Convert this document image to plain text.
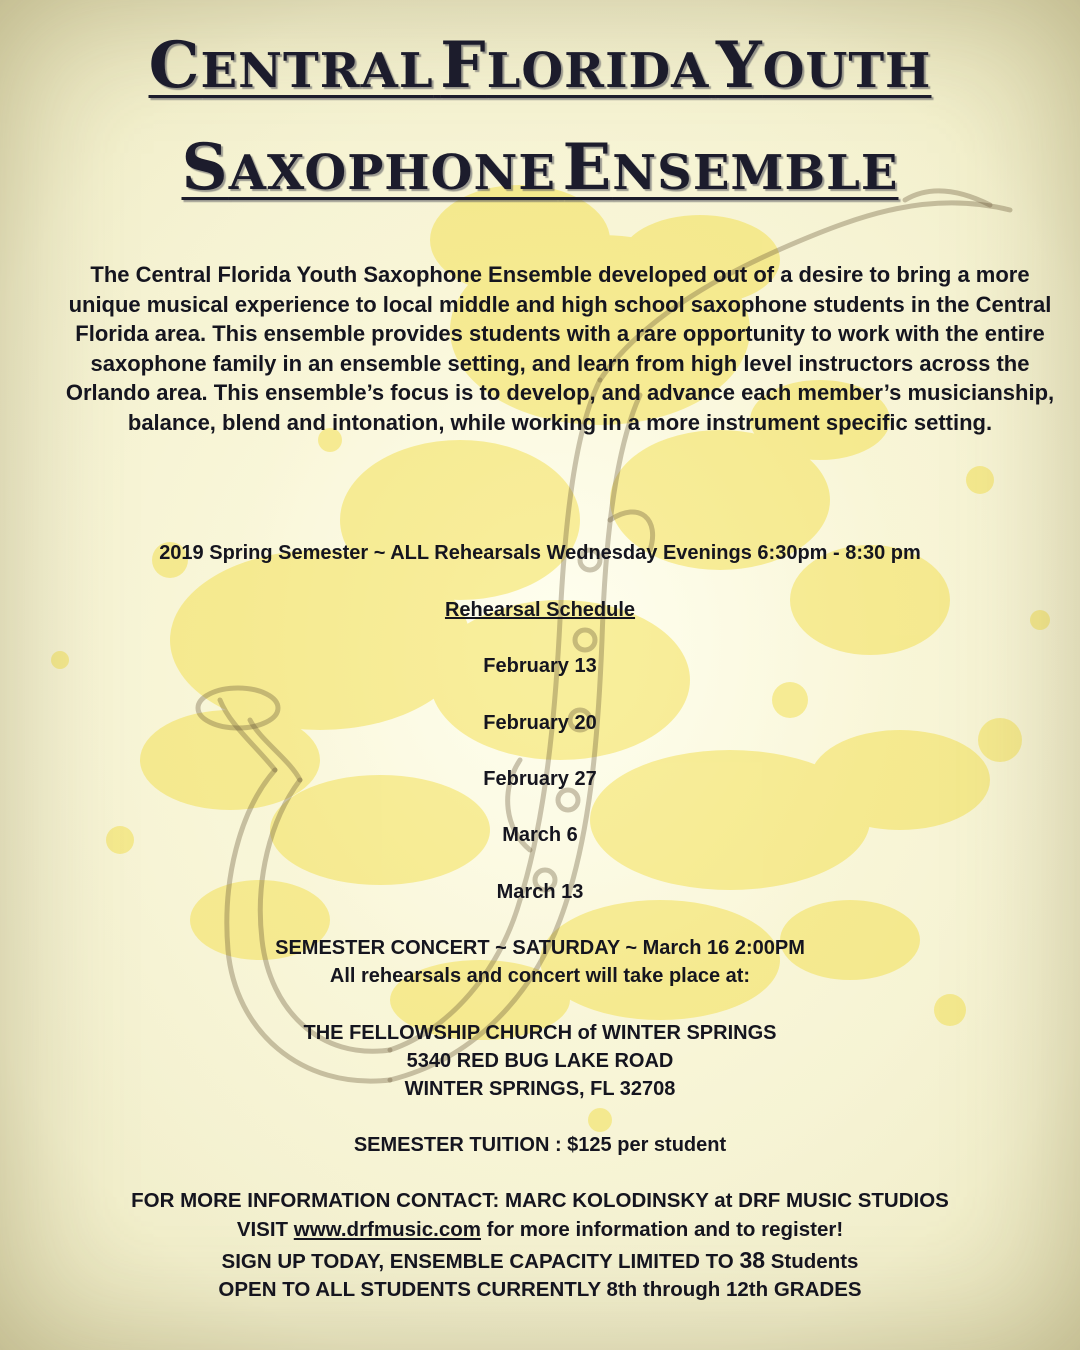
CENTRAL FLORIDA YOUTH
SAXOPHONE ENSEMBLE
The Central Florida Youth Saxophone Ensemble developed out of a desire to bring a more unique musical experience to local middle and high school saxophone students in the Central Florida area. This ensemble provides students with a rare opportunity to work with the entire saxophone family in an ensemble setting, and learn from high level instructors across the Orlando area. This ensemble’s focus is to develop, and advance each member’s musicianship, balance, blend and intonation, while working in a more instrument specific setting.
2019 Spring Semester ~ ALL Rehearsals Wednesday Evenings 6:30pm - 8:30 pm
Rehearsal Schedule
February 13
February 20
February 27
March 6
March 13
SEMESTER CONCERT ~ SATURDAY ~ March 16 2:00PM
All rehearsals and concert will take place at:
THE FELLOWSHIP CHURCH of WINTER SPRINGS
5340 RED BUG LAKE ROAD
WINTER SPRINGS, FL 32708
SEMESTER TUITION : $125 per student
FOR MORE INFORMATION CONTACT: MARC KOLODINSKY at DRF MUSIC STUDIOS
VISIT www.drfmusic.com for more information and to register!
SIGN UP TODAY, ENSEMBLE CAPACITY LIMITED TO 38 Students
OPEN TO ALL STUDENTS CURRENTLY 8th through 12th GRADES
